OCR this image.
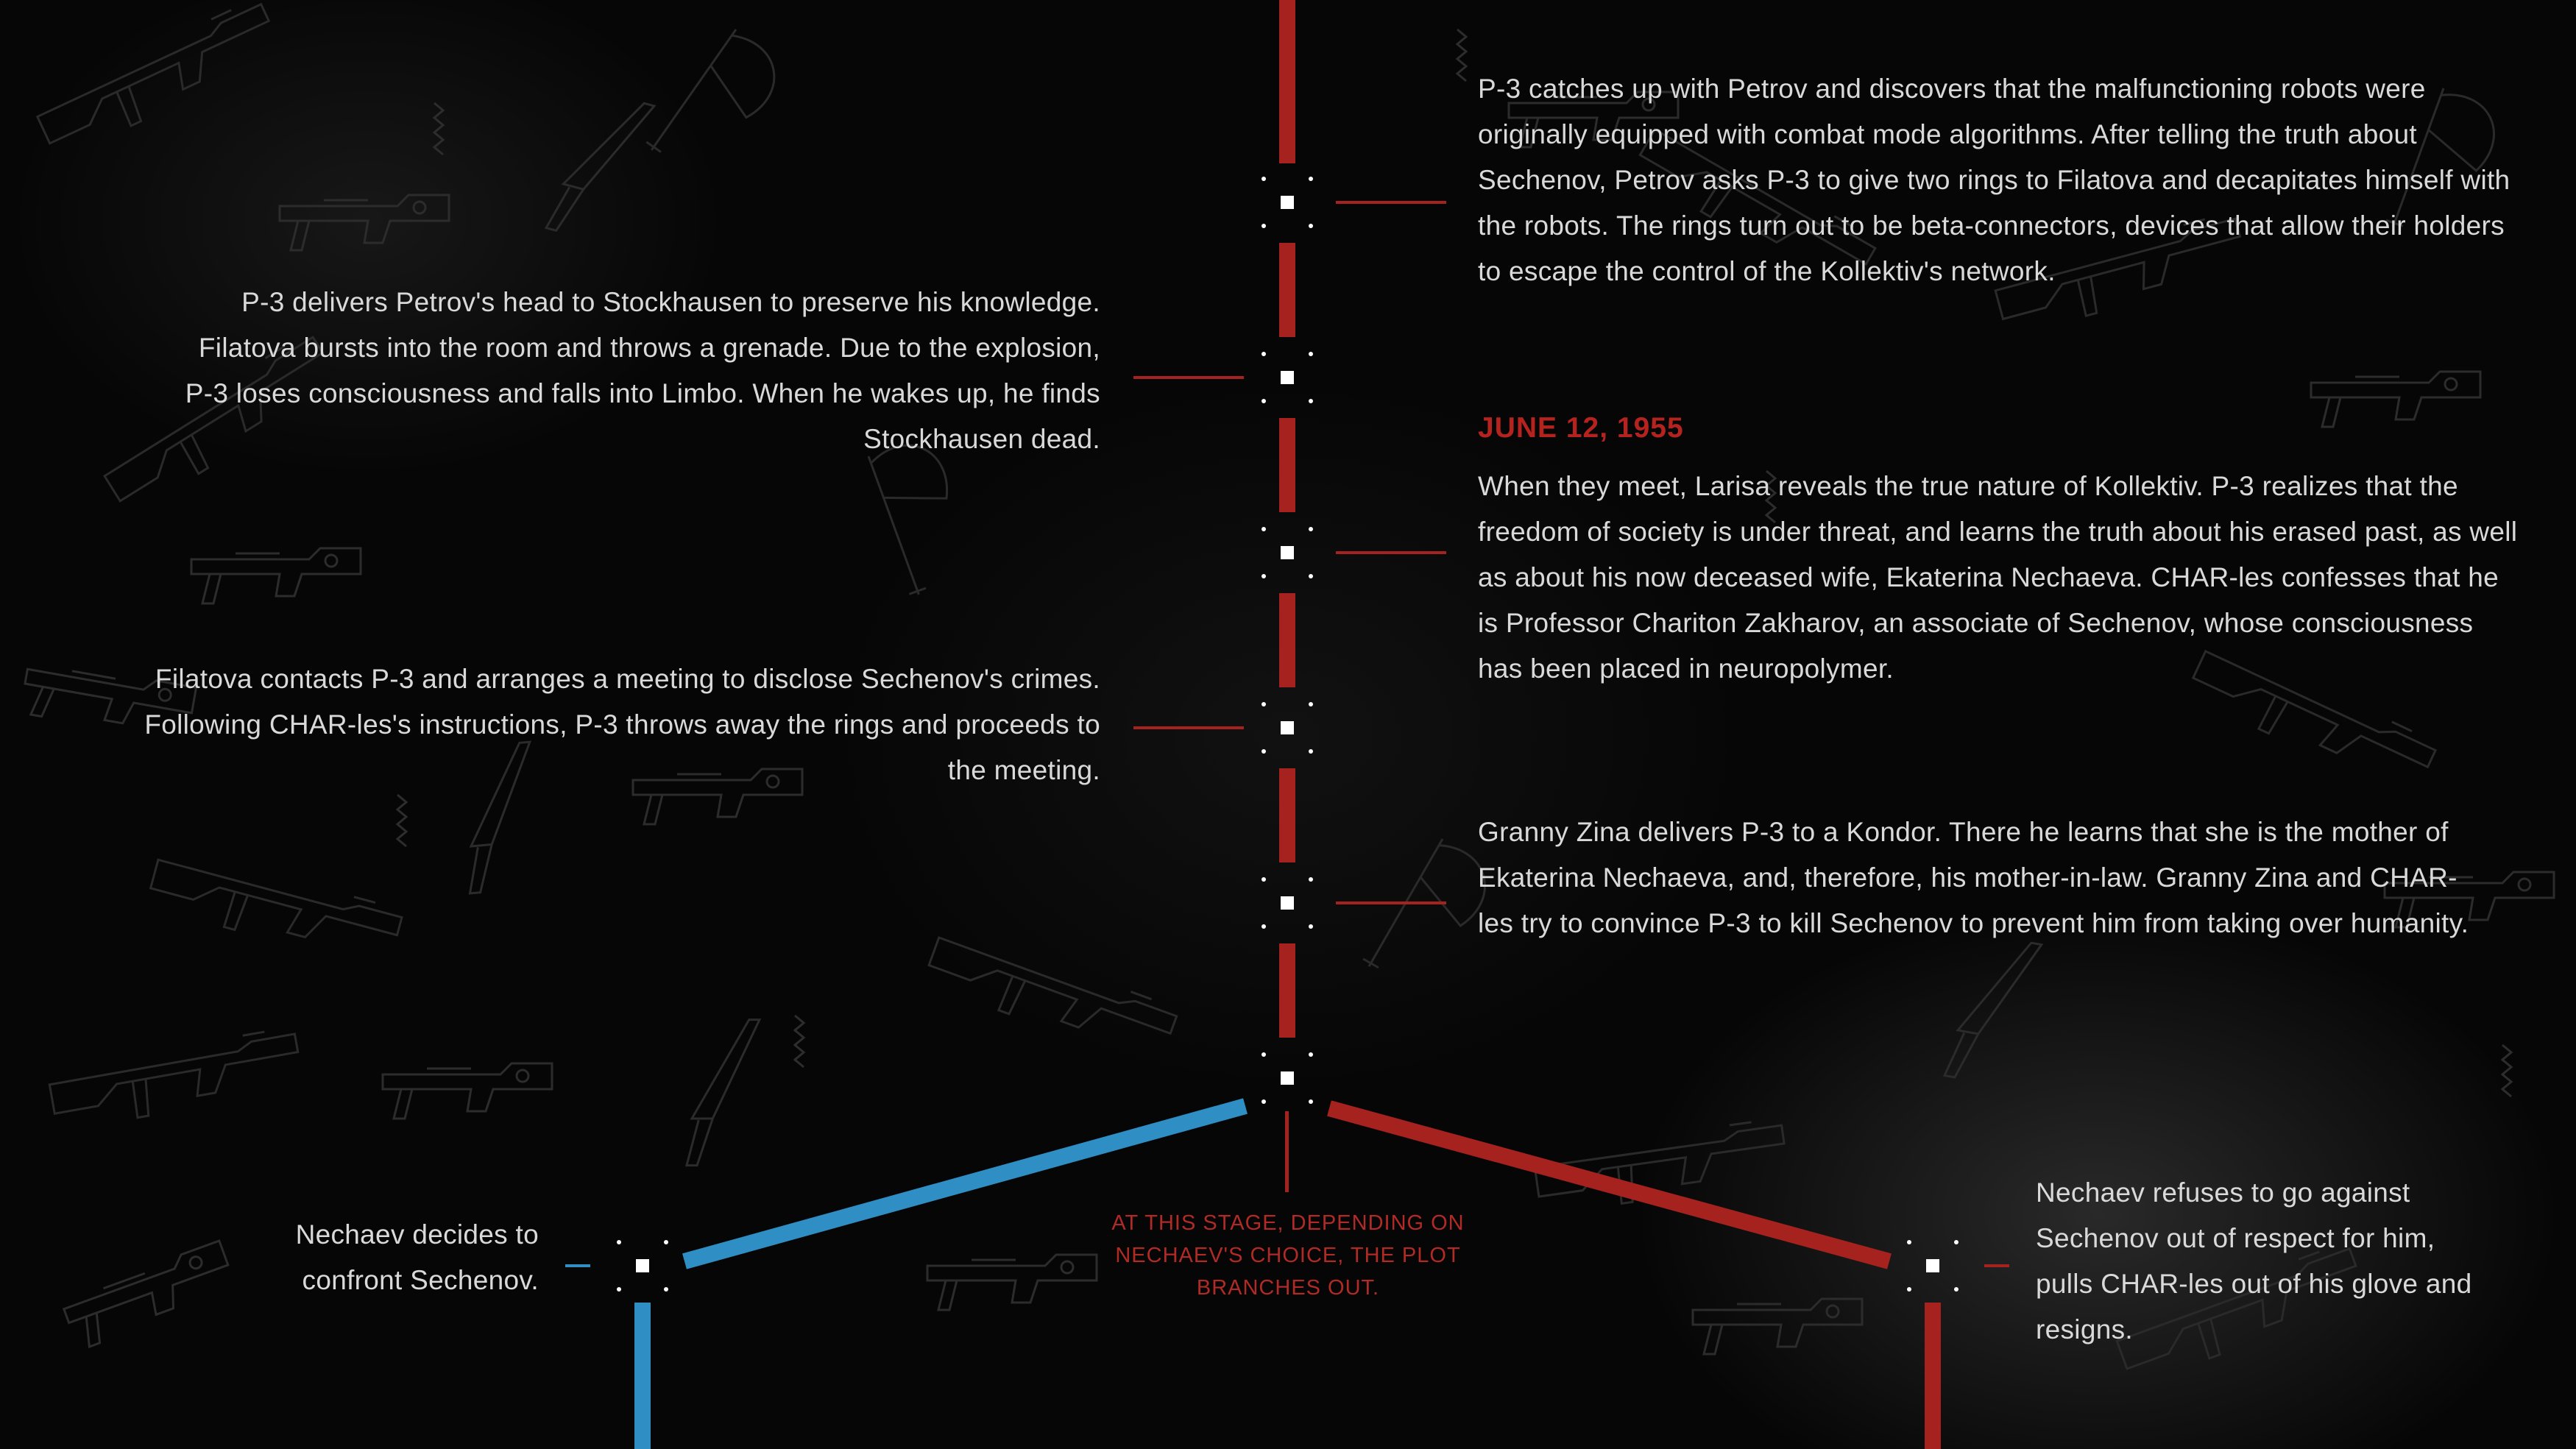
P-3 catches up with Petrov and discovers that the malfunctioning robots were originally equipped with combat mode algorithms. After telling the truth about Sechenov, Petrov asks P-3 to give two rings to Filatova and decapitates himself with the robots. The rings turn out to be beta-connectors, devices that allow their holders to escape the control of the Kollektiv's network.

P-3 delivers Petrov's head to Stockhausen to preserve his knowledge. Filatova bursts into the room and throws a grenade. Due to the explosion, P-3 loses consciousness and falls into Limbo. When he wakes up, he finds Stockhausen dead.	JUNE 12, 1955

When they meet, Larisa reveals the true nature of Kollektiv. P-3 realizes that the freedom of society is under threat, and learns the truth about his erased past, as well as about his now deceased wife, Ekaterina Nechaeva. CHAR-les confesses that he is Professor Chariton Zakharov, an associate of Sechenov, whose consciousness has been placed in neuropolymer.

Filatova contacts P-3 and arranges a meeting to disclose Sechenov's crimes. Following CHAR-les's instructions, P-3 throws away the rings and proceeds to the meeting.

Granny Zina delivers P-3 to a Kondor. There he learns that she is the mother of Ekaterina Nechaeva, and, therefore, his mother-in-law. Granny Zina and CHAR-les try to convince P-3 to kill Sechenov to prevent him from taking over humanity.

AT THIS STAGE, DEPENDING ON NECHAEV'S CHOICE, THE PLOT BRANCHES OUT.

Nechaev decides to confront Sechenov.

Nechaev refuses to go against Sechenov out of respect for him, pulls CHAR-les out of his glove and resigns.
